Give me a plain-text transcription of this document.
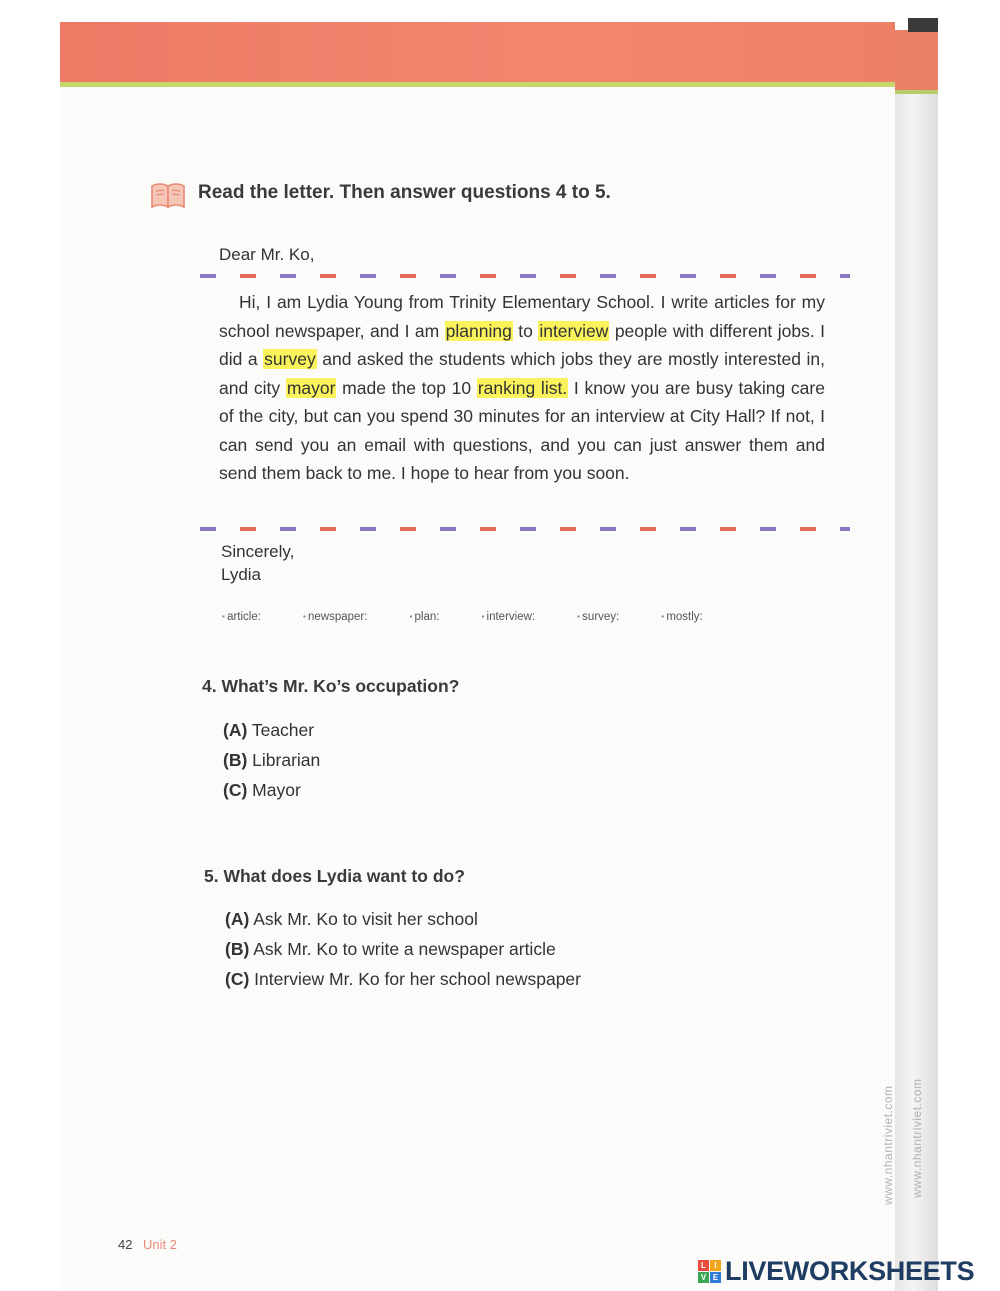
Read the letter. Then answer questions 4 to 5.
Dear Mr. Ko,

Hi, I am Lydia Young from Trinity Elementary School. I write articles for my school newspaper, and I am planning to interview people with different jobs. I did a survey and asked the students which jobs they are mostly interested in, and city mayor made the top 10 ranking list. I know you are busy taking care of the city, but can you spend 30 minutes for an interview at City Hall? If not, I can send you an email with questions, and you can just answer them and send them back to me. I hope to hear from you soon.

Sincerely,
Lydia
▪ article:	▪ newspaper:	▪ plan:	▪ interview:	▪ survey:	▪ mostly:
4. What’s Mr. Ko’s occupation?
(A) Teacher
(B) Librarian
(C) Mayor
5. What does Lydia want to do?
(A) Ask Mr. Ko to visit her school
(B) Ask Mr. Ko to write a newspaper article
(C) Interview Mr. Ko for her school newspaper
42 Unit 2
www.nhantriviet.com www.nhantriviet.com
L	I
V E LIVEWORKSHEETS
